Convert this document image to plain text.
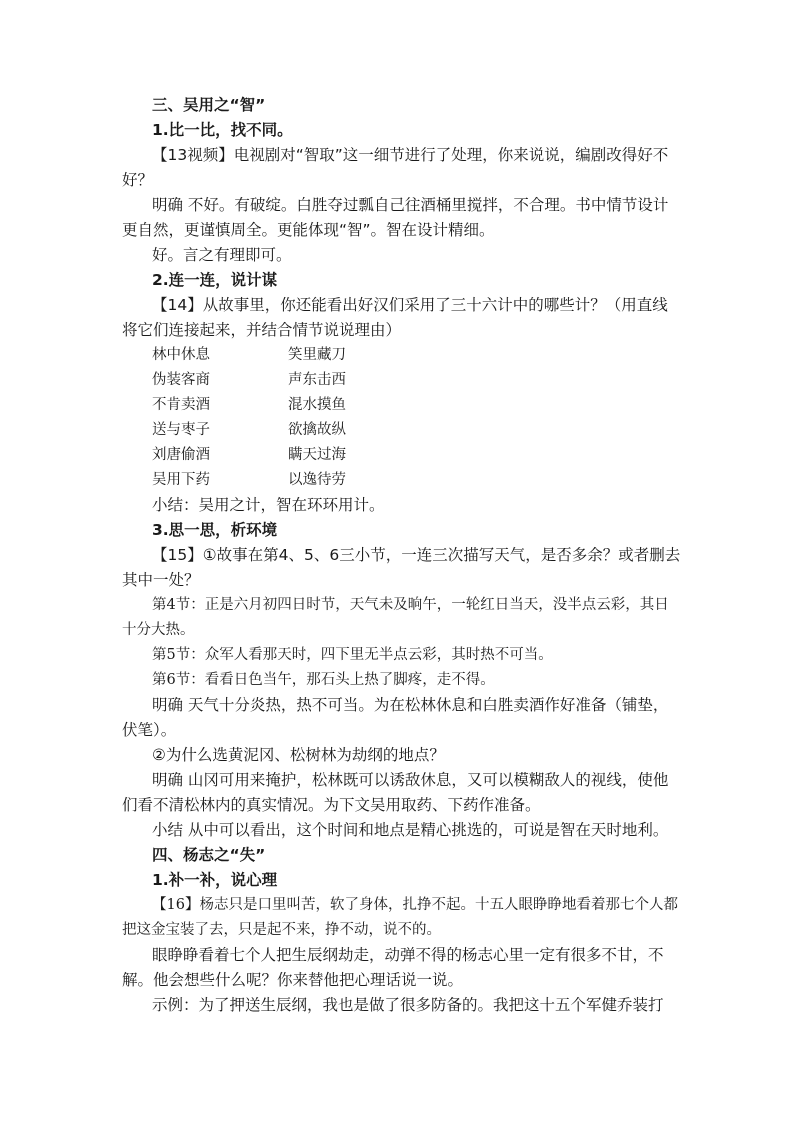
三、吴用之“智”

1.比一比，找不同。

【13视频】电视剧对“智取”这一细节进行了处理，你来说说，编剧改得好不好？

明确 不好。有破绽。白胜夺过瓢自己往酒桶里搅拌，不合理。书中情节设计更自然，更谨慎周全。更能体现“智”。智在设计精细。

好。言之有理即可。

2.连一连，说计谋

【14】从故事里，你还能看出好汉们采用了三十六计中的哪些计？（用直线将它们连接起来，并结合情节说说理由）

林中休息	笑里藏刀
伪装客商	声东击西
不肯卖酒	混水摸鱼
送与枣子	欲擒故纵
刘唐偷酒	瞒天过海
吴用下药	以逸待劳

小结：吴用之计，智在环环用计。

3.思一思，析环境

【15】①故事在第4、5、6三小节，一连三次描写天气，是否多余？或者删去其中一处？

第4节：正是六月初四日时节，天气未及晌午，一轮红日当天，没半点云彩，其日十分大热。

第5节：众军人看那天时，四下里无半点云彩，其时热不可当。

第6节：看看日色当午，那石头上热了脚疼，走不得。

明确 天气十分炎热，热不可当。为在松林休息和白胜卖酒作好准备（铺垫，伏笔）。

②为什么选黄泥冈、松树林为劫纲的地点？

明确 山冈可用来掩护，松林既可以诱敌休息，又可以模糊敌人的视线，使他们看不清松林内的真实情况。为下文吴用取药、下药作准备。

小结 从中可以看出，这个时间和地点是精心挑选的，可说是智在天时地利。

四、杨志之“失”

1.补一补，说心理

【16】杨志只是口里叫苦，软了身体，扎挣不起。十五人眼睁睁地看着那七个人都把这金宝装了去，只是起不来，挣不动，说不的。

眼睁睁看着七个人把生辰纲劫走，动弹不得的杨志心里一定有很多不甘，不解。他会想些什么呢？你来替他把心理话说一说。

示例：为了押送生辰纲，我也是做了很多防备的。我把这十五个军健乔装打
